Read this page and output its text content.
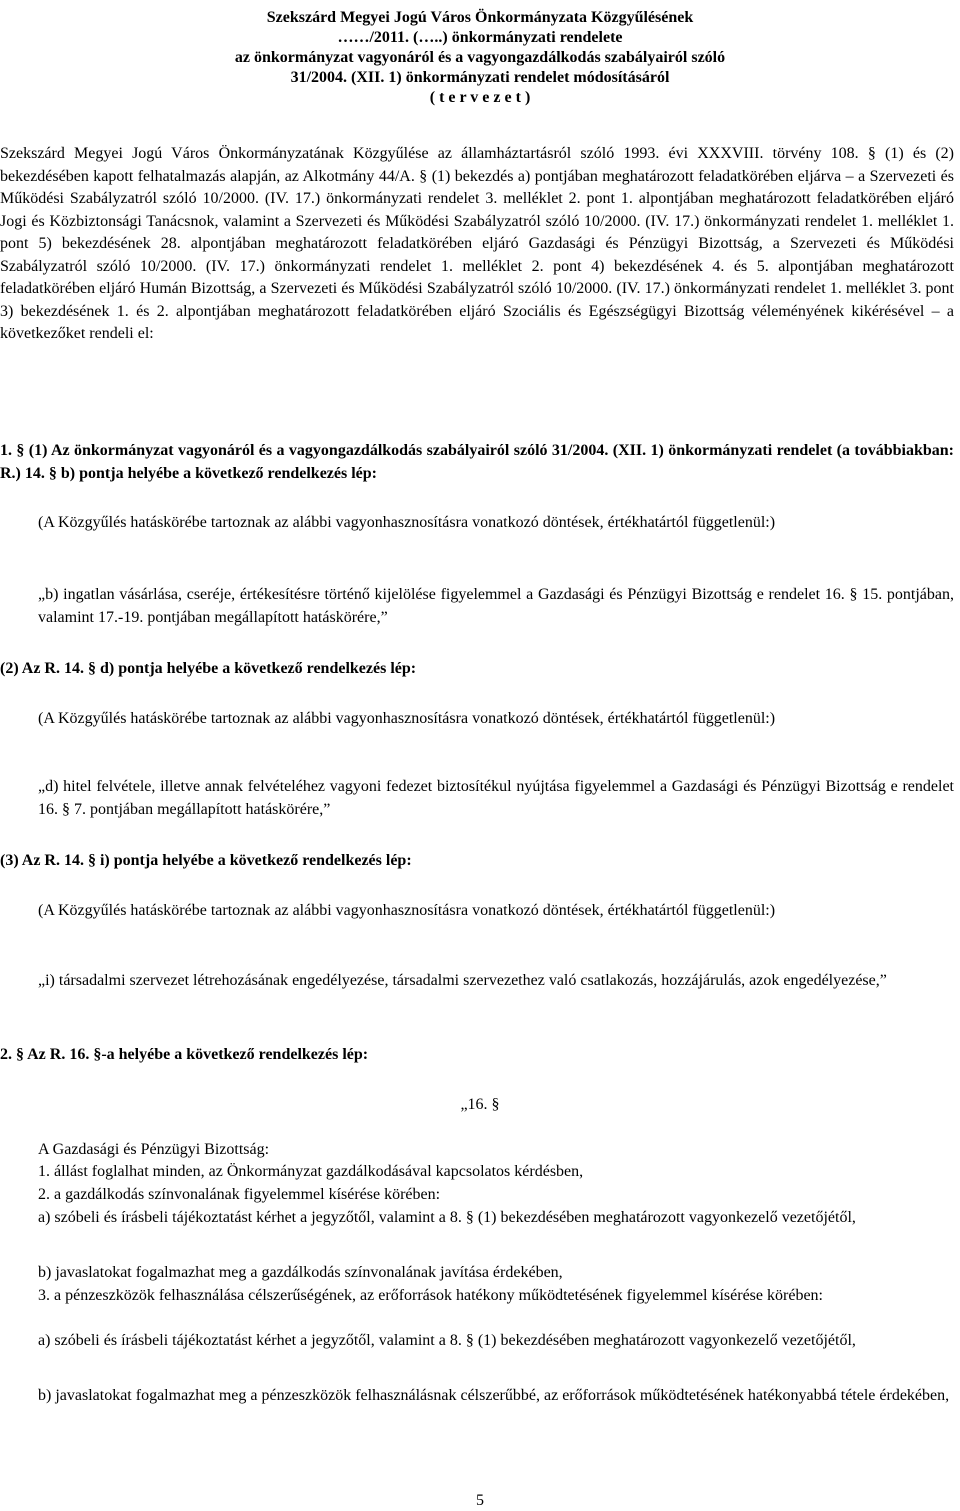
Szekszárd Megyei Jogú Város Önkormányzata Közgyűlésének
……/2011. (…..) önkormányzati rendelete
az önkormányzat vagyonáról és a vagyongazdálkodás szabályairól szóló
31/2004. (XII. 1) önkormányzati rendelet módosításáról
( t e r v e z e t )
Szekszárd Megyei Jogú Város Önkormányzatának Közgyűlése az államháztartásról szóló 1993. évi XXXVIII. törvény 108. § (1) és (2) bekezdésében kapott felhatalmazás alapján, az Alkotmány 44/A. § (1) bekezdés a) pontjában meghatározott feladatkörében eljárva – a Szervezeti és Működési Szabályzatról szóló 10/2000. (IV. 17.) önkormányzati rendelet 3. melléklet 2. pont 1. alpontjában meghatározott feladatkörében eljáró Jogi és Közbiztonsági Tanácsnok, valamint a Szervezeti és Működési Szabályzatról szóló 10/2000. (IV. 17.) önkormányzati rendelet 1. melléklet 1. pont 5) bekezdésének 28. alpontjában meghatározott feladatkörében eljáró Gazdasági és Pénzügyi Bizottság, a Szervezeti és Működési Szabályzatról szóló 10/2000. (IV. 17.) önkormányzati rendelet 1. melléklet 2. pont 4) bekezdésének 4. és 5. alpontjában meghatározott feladatkörében eljáró Humán Bizottság, a Szervezeti és Működési Szabályzatról szóló 10/2000. (IV. 17.) önkormányzati rendelet 1. melléklet 3. pont 3) bekezdésének 1. és 2. alpontjában meghatározott feladatkörében eljáró Szociális és Egészségügyi Bizottság véleményének kikérésével – a következőket rendeli el:
1. § (1) Az önkormányzat vagyonáról és a vagyongazdálkodás szabályairól szóló 31/2004. (XII. 1) önkormányzati rendelet (a továbbiakban: R.) 14. § b) pontja helyébe a következő rendelkezés lép:
(A Közgyűlés hatáskörébe tartoznak az alábbi vagyonhasznosításra vonatkozó döntések, értékhatártól függetlenül:)
„b) ingatlan vásárlása, cseréje, értékesítésre történő kijelölése figyelemmel a Gazdasági és Pénzügyi Bizottság e rendelet 16. § 15. pontjában, valamint 17.-19. pontjában megállapított hatáskörére,”
(2) Az R. 14. § d) pontja helyébe a következő rendelkezés lép:
(A Közgyűlés hatáskörébe tartoznak az alábbi vagyonhasznosításra vonatkozó döntések, értékhatártól függetlenül:)
„d) hitel felvétele, illetve annak felvételéhez vagyoni fedezet biztosítékul nyújtása figyelemmel a Gazdasági és Pénzügyi Bizottság e rendelet 16. § 7. pontjában megállapított hatáskörére,”
(3) Az R. 14. § i) pontja helyébe a következő rendelkezés lép:
(A Közgyűlés hatáskörébe tartoznak az alábbi vagyonhasznosításra vonatkozó döntések, értékhatártól függetlenül:)
„i) társadalmi szervezet létrehozásának engedélyezése, társadalmi szervezethez való csatlakozás, hozzájárulás, azok engedélyezése,”
2. § Az R. 16. §-a helyébe a következő rendelkezés lép:
„16. §
A Gazdasági és Pénzügyi Bizottság:
1. állást foglalhat minden, az Önkormányzat gazdálkodásával kapcsolatos kérdésben,
2. a gazdálkodás színvonalának figyelemmel kísérése körében:
a) szóbeli és írásbeli tájékoztatást kérhet a jegyzőtől, valamint a 8. § (1) bekezdésében meghatározott vagyonkezelő vezetőjétől,
b) javaslatokat fogalmazhat meg a gazdálkodás színvonalának javítása érdekében,
3. a pénzeszközök felhasználása célszerűségének, az erőforrások hatékony működtetésének figyelemmel kísérése körében:
a) szóbeli és írásbeli tájékoztatást kérhet a jegyzőtől, valamint a 8. § (1) bekezdésében meghatározott vagyonkezelő vezetőjétől,
b) javaslatokat fogalmazhat meg a pénzeszközök felhasználásnak célszerűbbé, az erőforrások működtetésének hatékonyabbá tétele érdekében,
5
